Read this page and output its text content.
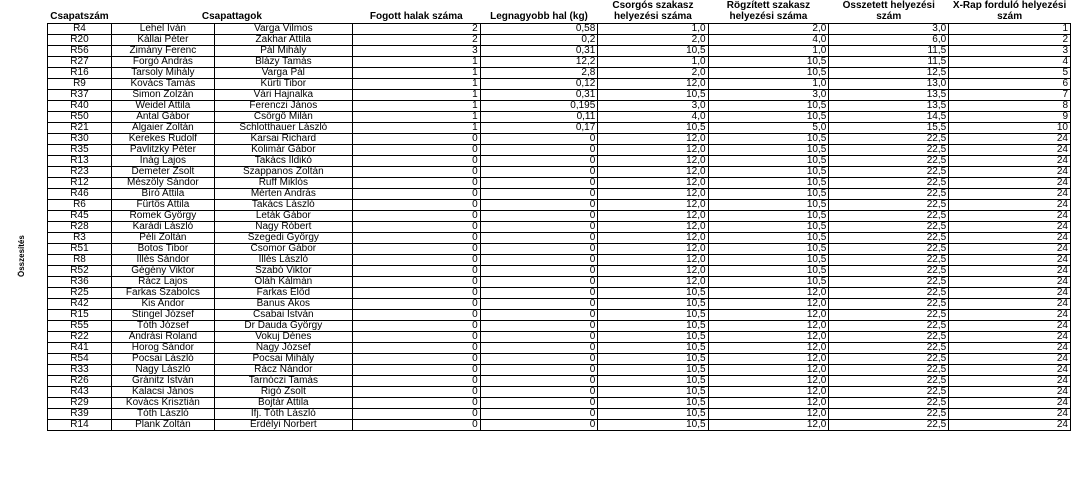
Összesítés
Csapatszám	Csapattagok		Fogott halak száma	Legnagyobb hal (kg)	Csorgós szakasz helyezési száma	Rögzített szakasz helyezési száma	Összetett helyezési szám	X-Rap forduló helyezési szám
R4	Lehel Iván	Varga Vilmos	2	0,58	1,0	2,0	3,0	1
R20	Kállai Péter	Zakhar Attila	2	0,2	2,0	4,0	6,0	2
R56	Zimány Ferenc	Pál Mihály	3	0,31	10,5	1,0	11,5	3
R27	Forgó András	Blázy Tamás	1	12,2	1,0	10,5	11,5	4
R16	Tarsoly Mihály	Varga Pál	1	2,8	2,0	10,5	12,5	5
R9	Kovács Tamás	Kürti Tibor	1	0,12	12,0	1,0	13,0	6
R37	Simon Zolzán	Vári Hajnalka	1	0,31	10,5	3,0	13,5	7
R40	Weidel Attila	Ferenczi János	1	0,195	3,0	10,5	13,5	8
R50	Antal Gábor	Csörgő Milán	1	0,11	4,0	10,5	14,5	9
R21	Algaier Zoltán	Schlotthauer László	1	0,17	10,5	5,0	15,5	10
R30	Kerekes Rudolf	Karsai Richard	0	0	12,0	10,5	22,5	24
R35	Pavlitzky Péter	Kolimár Gábor	0	0	12,0	10,5	22,5	24
R13	Inág Lajos	Takács Ildikó	0	0	12,0	10,5	22,5	24
R23	Demeter Zsolt	Szappanos Zoltán	0	0	12,0	10,5	22,5	24
R12	Mészöly Sándor	Ruff Miklós	0	0	12,0	10,5	22,5	24
R46	Bíró Attila	Mérten András	0	0	12,0	10,5	22,5	24
R6	Fürtös Attila	Takács László	0	0	12,0	10,5	22,5	24
R45	Romek György	Leták Gábor	0	0	12,0	10,5	22,5	24
R28	Karádi László	Nagy Róbert	0	0	12,0	10,5	22,5	24
R3	Péli Zoltán	Szegedi György	0	0	12,0	10,5	22,5	24
R51	Botos Tibor	Csomor Gábor	0	0	12,0	10,5	22,5	24
R8	Illés Sándor	Illés László	0	0	12,0	10,5	22,5	24
R52	Gégény Viktor	Szabó Viktor	0	0	12,0	10,5	22,5	24
R36	Rácz Lajos	Oláh Kálmán	0	0	12,0	10,5	22,5	24
R25	Farkas Szabolcs	Farkas Előd	0	0	10,5	12,0	22,5	24
R42	Kis Andor	Banus Ákos	0	0	10,5	12,0	22,5	24
R15	Stingel József	Csabai István	0	0	10,5	12,0	22,5	24
R55	Tóth József	Dr Dauda György	0	0	10,5	12,0	22,5	24
R22	Andrási Roland	Vokuj Dénes	0	0	10,5	12,0	22,5	24
R41	Horog Sándor	Nagy József	0	0	10,5	12,0	22,5	24
R54	Pocsai László	Pocsai Mihály	0	0	10,5	12,0	22,5	24
R33	Nagy László	Rácz Nándor	0	0	10,5	12,0	22,5	24
R26	Gránitz István	Tarnóczi Tamás	0	0	10,5	12,0	22,5	24
R43	Kalacsi János	Rigó Zsolt	0	0	10,5	12,0	22,5	24
R29	Kovács Krisztián	Bojtár Attila	0	0	10,5	12,0	22,5	24
R39	Tóth László	Ifj. Tóth László	0	0	10,5	12,0	22,5	24
R14	Plank Zoltán	Erdélyi Norbert	0	0	10,5	12,0	22,5	24
